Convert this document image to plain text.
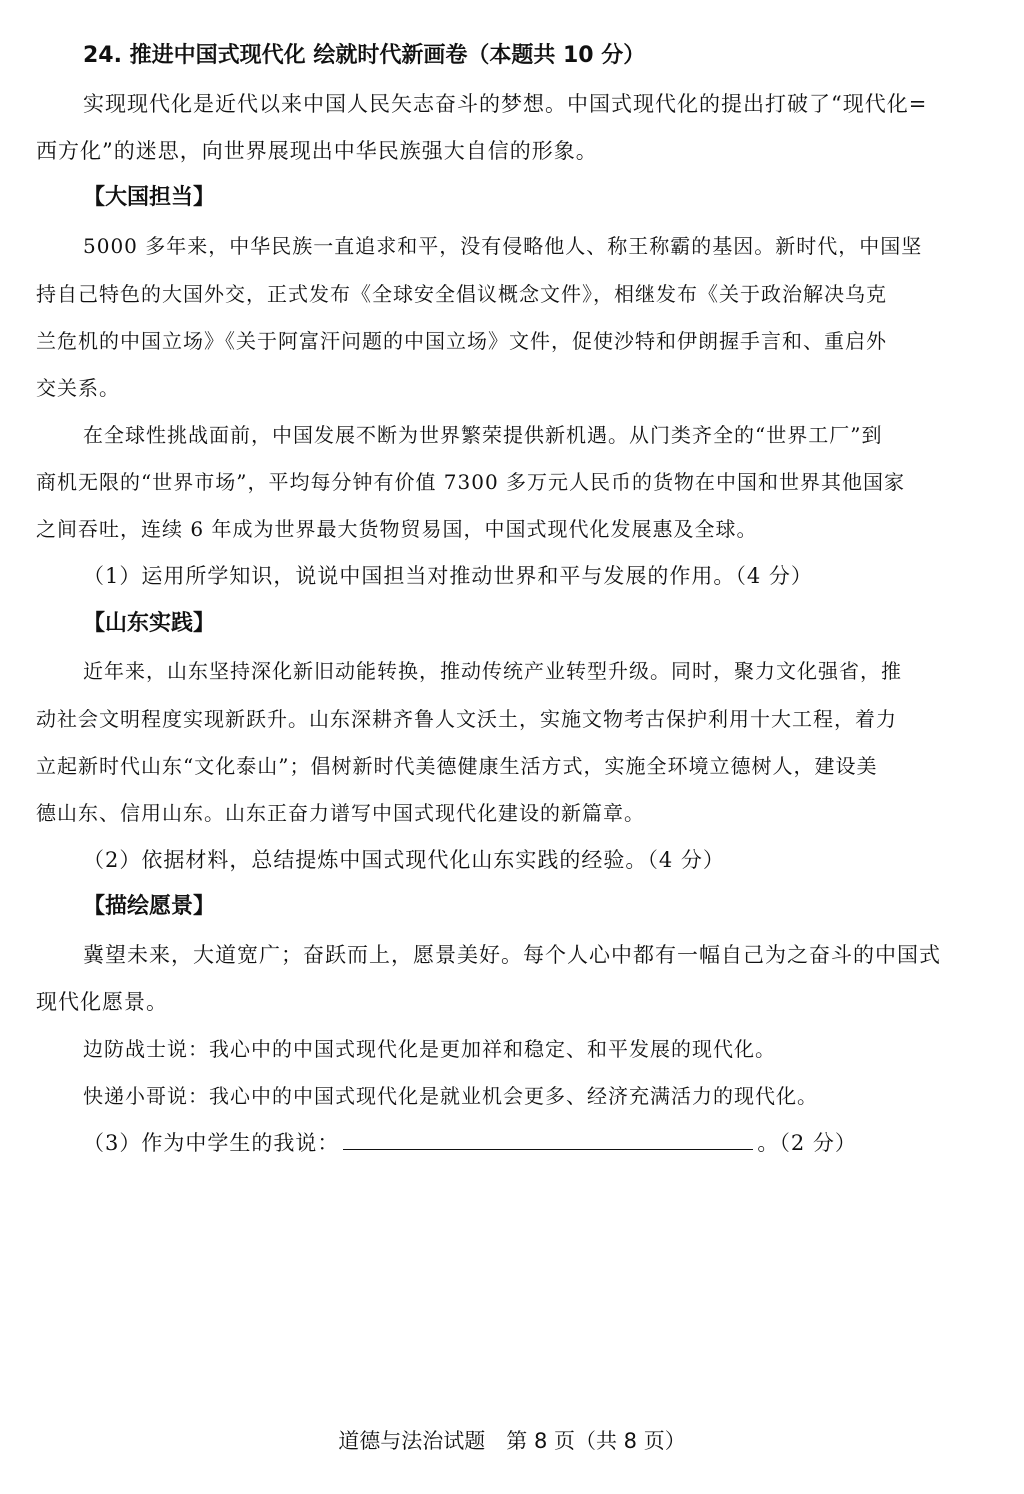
24. 推进中国式现代化 绘就时代新画卷（本题共 10 分）
实现现代化是近代以来中国人民矢志奋斗的梦想。中国式现代化的提出打破了“现代化=
西方化”的迷思，向世界展现出中华民族强大自信的形象。
【大国担当】
5000 多年来，中华民族一直追求和平，没有侵略他人、称王称霸的基因。新时代，中国坚
持自己特色的大国外交，正式发布《全球安全倡议概念文件》，相继发布《关于政治解决乌克
兰危机的中国立场》《关于阿富汗问题的中国立场》文件，促使沙特和伊朗握手言和、重启外
交关系。
在全球性挑战面前，中国发展不断为世界繁荣提供新机遇。从门类齐全的“世界工厂”到
商机无限的“世界市场”，平均每分钟有价值 7300 多万元人民币的货物在中国和世界其他国家
之间吞吐，连续 6 年成为世界最大货物贸易国，中国式现代化发展惠及全球。
（1）运用所学知识，说说中国担当对推动世界和平与发展的作用。（4 分）
【山东实践】
近年来，山东坚持深化新旧动能转换，推动传统产业转型升级。同时，聚力文化强省，推
动社会文明程度实现新跃升。山东深耕齐鲁人文沃土，实施文物考古保护利用十大工程，着力
立起新时代山东“文化泰山”；倡树新时代美德健康生活方式，实施全环境立德树人，建设美
德山东、信用山东。山东正奋力谱写中国式现代化建设的新篇章。
（2）依据材料，总结提炼中国式现代化山东实践的经验。（4 分）
【描绘愿景】
冀望未来，大道宽广；奋跃而上，愿景美好。每个人心中都有一幅自己为之奋斗的中国式
现代化愿景。
边防战士说：我心中的中国式现代化是更加祥和稳定、和平发展的现代化。
快递小哥说：我心中的中国式现代化是就业机会更多、经济充满活力的现代化。
（3）作为中学生的我说：	。（2 分）
道德与法治试题　第 8 页（共 8 页）
